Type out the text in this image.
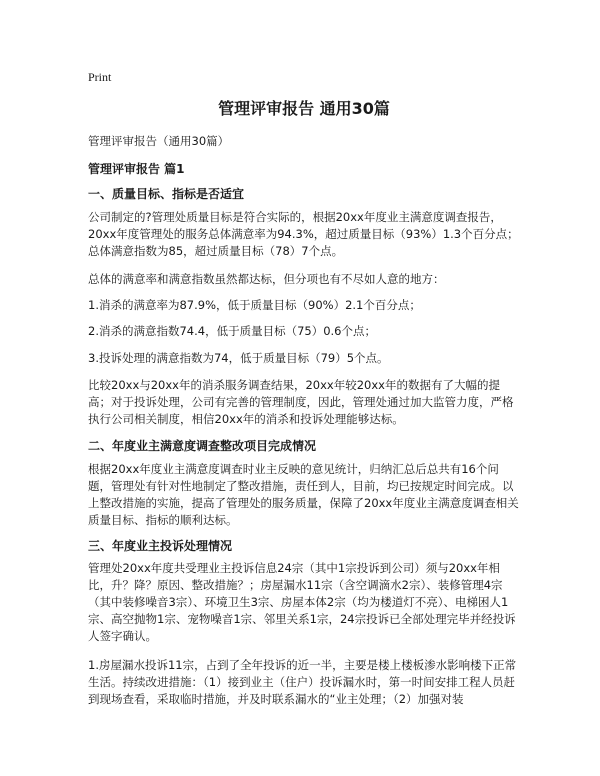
Print
管理评审报告 通用30篇
管理评审报告（通用30篇）
管理评审报告 篇1
一、质量目标、指标是否适宜

公司制定的?管理处质量目标是符合实际的，根据20xx年度业主满意度调查报告，20xx年度管理处的服务总体满意率为94.3%，超过质量目标（93%）1.3个百分点；总体满意指数为85，超过质量目标（78）7个点。

总体的满意率和满意指数虽然都达标，但分项也有不尽如人意的地方：

1.消杀的满意率为87.9%，低于质量目标（90%）2.1个百分点；

2.消杀的满意指数74.4，低于质量目标（75）0.6个点；

3.投诉处理的满意指数为74，低于质量目标（79）5个点。

比较20xx与20xx年的消杀服务调查结果，20xx年较20xx年的数据有了大幅的提高；对于投诉处理，公司有完善的管理制度，因此，管理处通过加大监管力度，严格执行公司相关制度，相信20xx年的消杀和投诉处理能够达标。

二、年度业主满意度调查整改项目完成情况

根据20xx年度业主满意度调查时业主反映的意见统计，归纳汇总后总共有16个问题，管理处有针对性地制定了整改措施，责任到人，目前，均已按规定时间完成。以上整改措施的实施，提高了管理处的服务质量，保障了20xx年度业主满意度调查相关质量目标、指标的顺利达标。

三、年度业主投诉处理情况

管理处20xx年度共受理业主投诉信息24宗（其中1宗投诉到公司）须与20xx年相比，升？降？原因、整改措施？；房屋漏水11宗（含空调滴水2宗）、装修管理4宗（其中装修噪音3宗）、环境卫生3宗、房屋本体2宗（均为楼道灯不亮）、电梯困人1宗、高空抛物1宗、宠物噪音1宗、邻里关系1宗，24宗投诉已全部处理完毕并经投诉人签字确认。

1.房屋漏水投诉11宗，占到了全年投诉的近一半，主要是楼上楼板渗水影响楼下正常生活。持续改进措施：（1）接到业主（住户）投诉漏水时，第一时间安排工程人员赶到现场查看，采取临时措施，并及时联系漏水的“业主处理；（2）加强对装
